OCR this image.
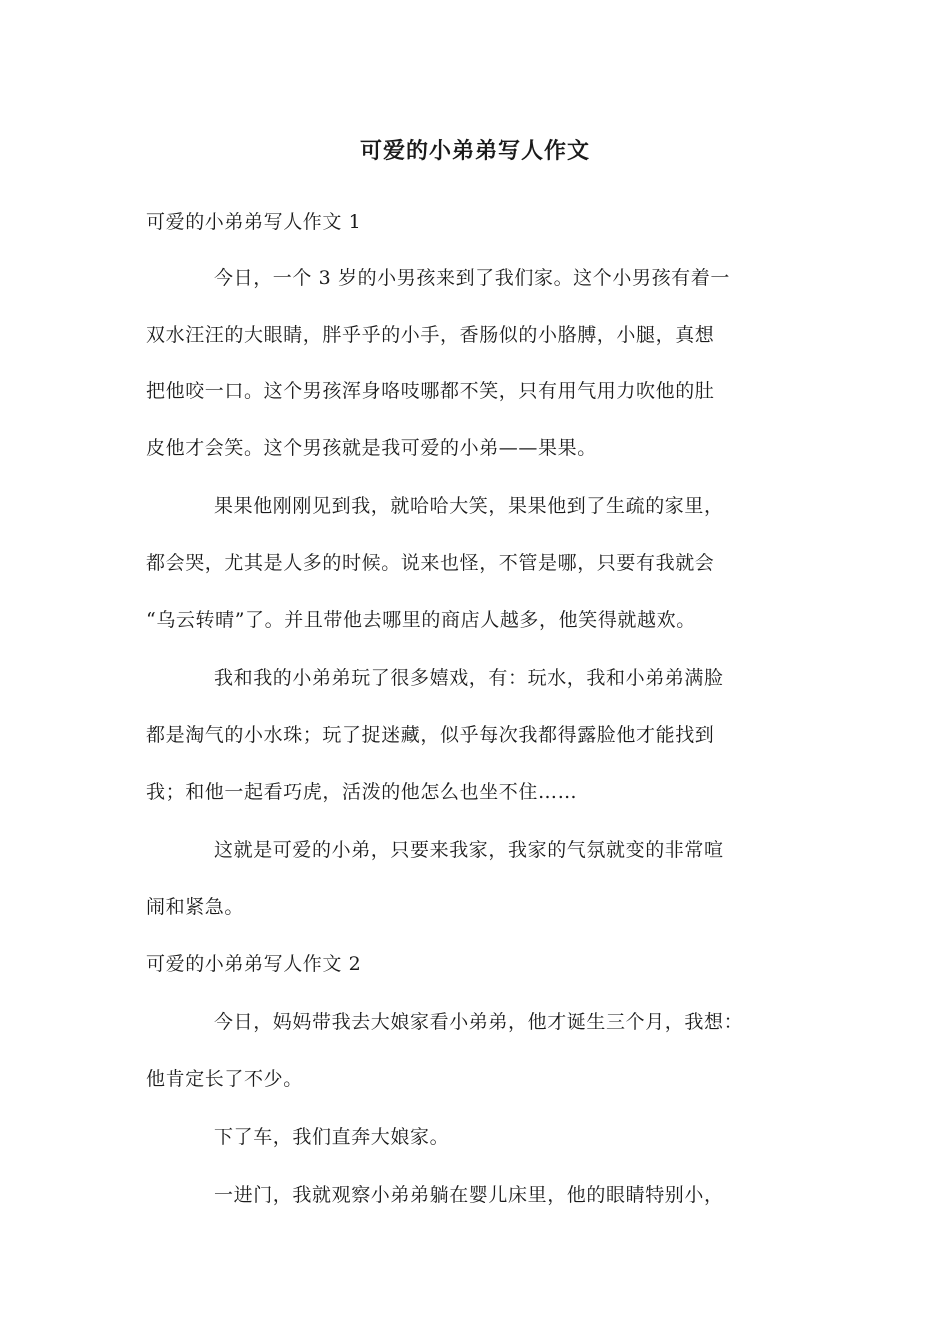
可爱的小弟弟写人作文
可爱的小弟弟写人作文 1
今日，一个 3 岁的小男孩来到了我们家。这个小男孩有着一
双水汪汪的大眼睛，胖乎乎的小手，香肠似的小胳膊，小腿，真想
把他咬一口。这个男孩浑身咯吱哪都不笑，只有用气用力吹他的肚
皮他才会笑。这个男孩就是我可爱的小弟——果果。
果果他刚刚见到我，就哈哈大笑，果果他到了生疏的家里，
都会哭，尤其是人多的时候。说来也怪，不管是哪，只要有我就会
“乌云转晴”了。并且带他去哪里的商店人越多，他笑得就越欢。
我和我的小弟弟玩了很多嬉戏，有：玩水，我和小弟弟满脸
都是淘气的小水珠；玩了捉迷藏，似乎每次我都得露脸他才能找到
我；和他一起看巧虎，活泼的他怎么也坐不住……
这就是可爱的小弟，只要来我家，我家的气氛就变的非常喧
闹和紧急。
可爱的小弟弟写人作文 2
今日，妈妈带我去大娘家看小弟弟，他才诞生三个月，我想：
他肯定长了不少。
下了车，我们直奔大娘家。
一进门，我就观察小弟弟躺在婴儿床里，他的眼睛特别小，
